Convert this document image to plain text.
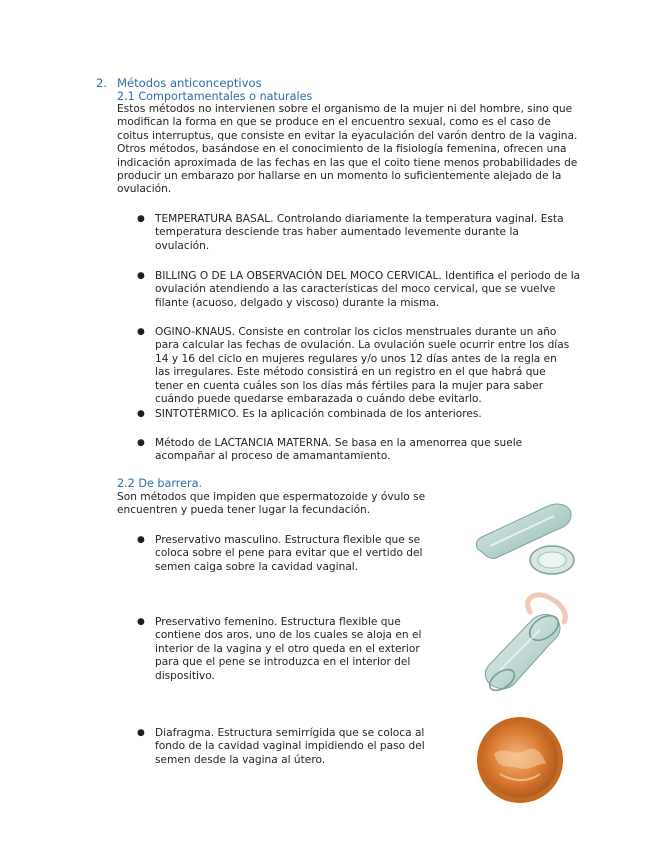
2. Métodos anticonceptivos
2.1 Comportamentales o naturales
Estos métodos no intervienen sobre el organismo de la mujer ni del hombre, sino que modifican la forma en que se produce en el encuentro sexual, como es el caso de coitus interruptus, que consiste en evitar la eyaculación del varón dentro de la vagina. Otros métodos, basándose en el conocimiento de la fisiología femenina, ofrecen una indicación aproximada de las fechas en las que el coito tiene menos probabilidades de producir un embarazo por hallarse en un momento lo suficientemente alejado de la ovulación.
● TEMPERATURA BASAL. Controlando diariamente la temperatura vaginal. Esta temperatura desciende tras haber aumentado levemente durante la ovulación.
● BILLING O DE LA OBSERVACIÓN DEL MOCO CERVICAL. Identifica el periodo de la ovulación atendiendo a las características del moco cervical, que se vuelve filante (acuoso, delgado y viscoso) durante la misma.
● OGINO-KNAUS. Consiste en controlar los ciclos menstruales durante un año para calcular las fechas de ovulación. La ovulación suele ocurrir entre los días 14 y 16 del ciclo en mujeres regulares y/o unos 12 días antes de la regla en las irregulares. Este método consistirá en un registro en el que habrá que tener en cuenta cuáles son los días más fértiles para la mujer para saber cuándo puede quedarse embarazada o cuándo debe evitarlo.
● SINTOTÉRMICO. Es la aplicación combinada de los anteriores.
● Método de LACTANCIA MATERNA. Se basa en la amenorrea que suele acompañar al proceso de amamantamiento.
2.2 De barrera.
Son métodos que impiden que espermatozoide y óvulo se encuentren y pueda tener lugar la fecundación.
● Preservativo masculino. Estructura flexible que se coloca sobre el pene para evitar que el vertido del semen caiga sobre la cavidad vaginal.
● Preservativo femenino. Estructura flexible que contiene dos aros, uno de los cuales se aloja en el interior de la vagina y el otro queda en el exterior para que el pene se introduzca en el interior del dispositivo.
● Diafragma. Estructura semirrígida que se coloca al fondo de la cavidad vaginal impidiendo el paso del semen desde la vagina al útero.
